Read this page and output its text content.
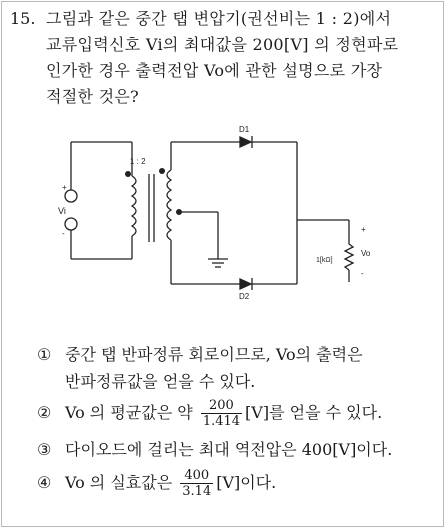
15. 그림과 같은 중간 탭 변압기(권선비는 1 : 2)에서
교류입력신호 Vi의 최대값을 200[V] 의 정현파로
인가한 경우 출력전압 Vo에 관한 설명으로 가장
적절한 것은?
+
-
Vi
1 : 2
D1
D2
1[kΩ]
+
Vo
-
① 중간 탭 반파정류 회로이므로, Vo의 출력은
반파정류값을 얻을 수 있다.
② Vo 의 평균값은 약 $\frac{200}{1.414} [V]$를 얻을 수 있다.
③ 다이오드에 걸리는 최대 역전압은 400[V]이다.
④ Vo 의 실효값은 $\frac{400}{3.14} [V]$이다.
